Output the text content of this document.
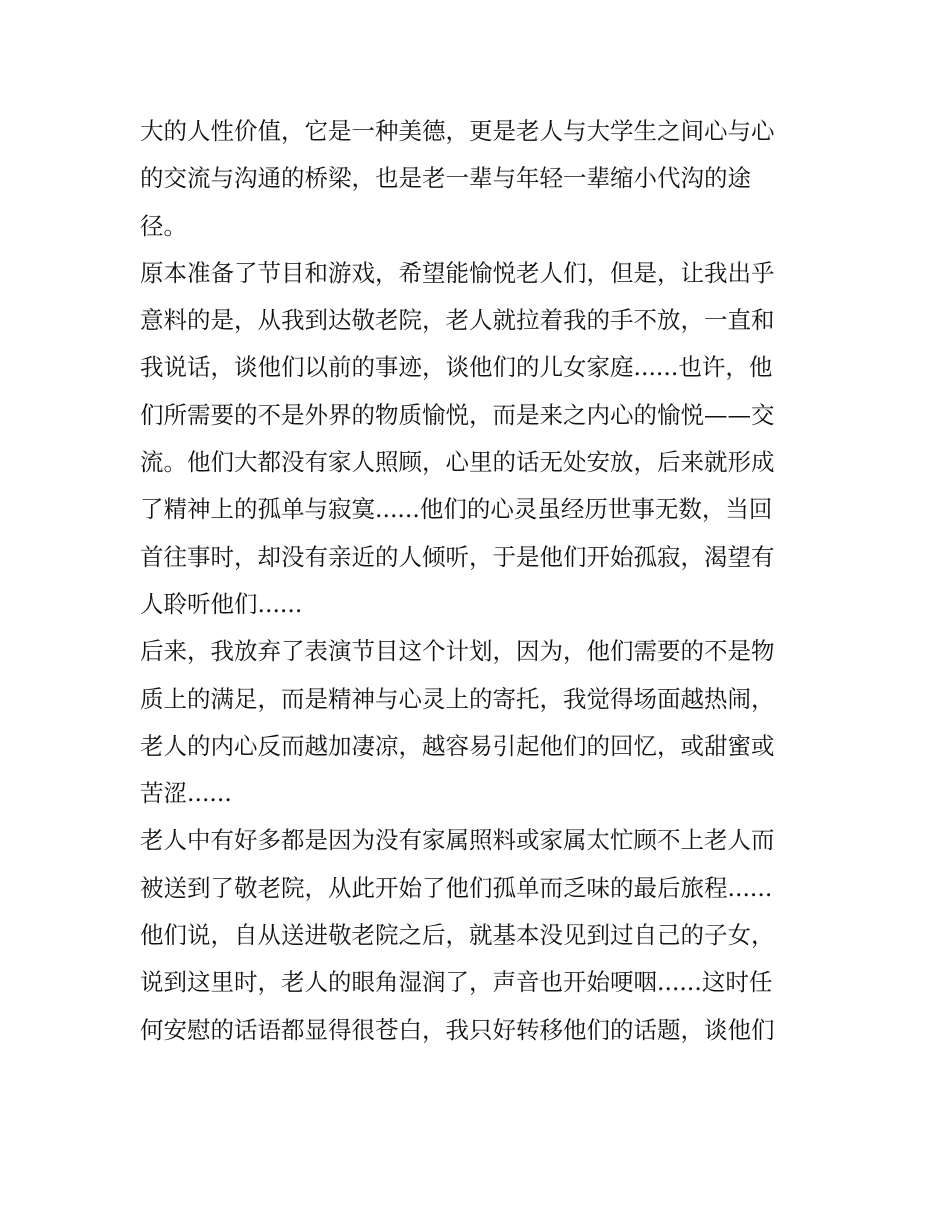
大的人性价值，它是一种美德，更是老人与大学生之间心与心
的交流与沟通的桥梁，也是老一辈与年轻一辈缩小代沟的途
径。
原本准备了节目和游戏，希望能愉悦老人们，但是，让我出乎
意料的是，从我到达敬老院，老人就拉着我的手不放，一直和
我说话，谈他们以前的事迹，谈他们的儿女家庭......也许，他
们所需要的不是外界的物质愉悦，而是来之内心的愉悦——交
流。他们大都没有家人照顾，心里的话无处安放，后来就形成
了精神上的孤单与寂寞......他们的心灵虽经历世事无数，当回
首往事时，却没有亲近的人倾听，于是他们开始孤寂，渴望有
人聆听他们......
后来，我放弃了表演节目这个计划，因为，他们需要的不是物
质上的满足，而是精神与心灵上的寄托，我觉得场面越热闹，
老人的内心反而越加凄凉，越容易引起他们的回忆，或甜蜜或
苦涩......
老人中有好多都是因为没有家属照料或家属太忙顾不上老人而
被送到了敬老院，从此开始了他们孤单而乏味的最后旅程......
他们说，自从送进敬老院之后，就基本没见到过自己的子女，
说到这里时，老人的眼角湿润了，声音也开始哽咽......这时任
何安慰的话语都显得很苍白，我只好转移他们的话题，谈他们
